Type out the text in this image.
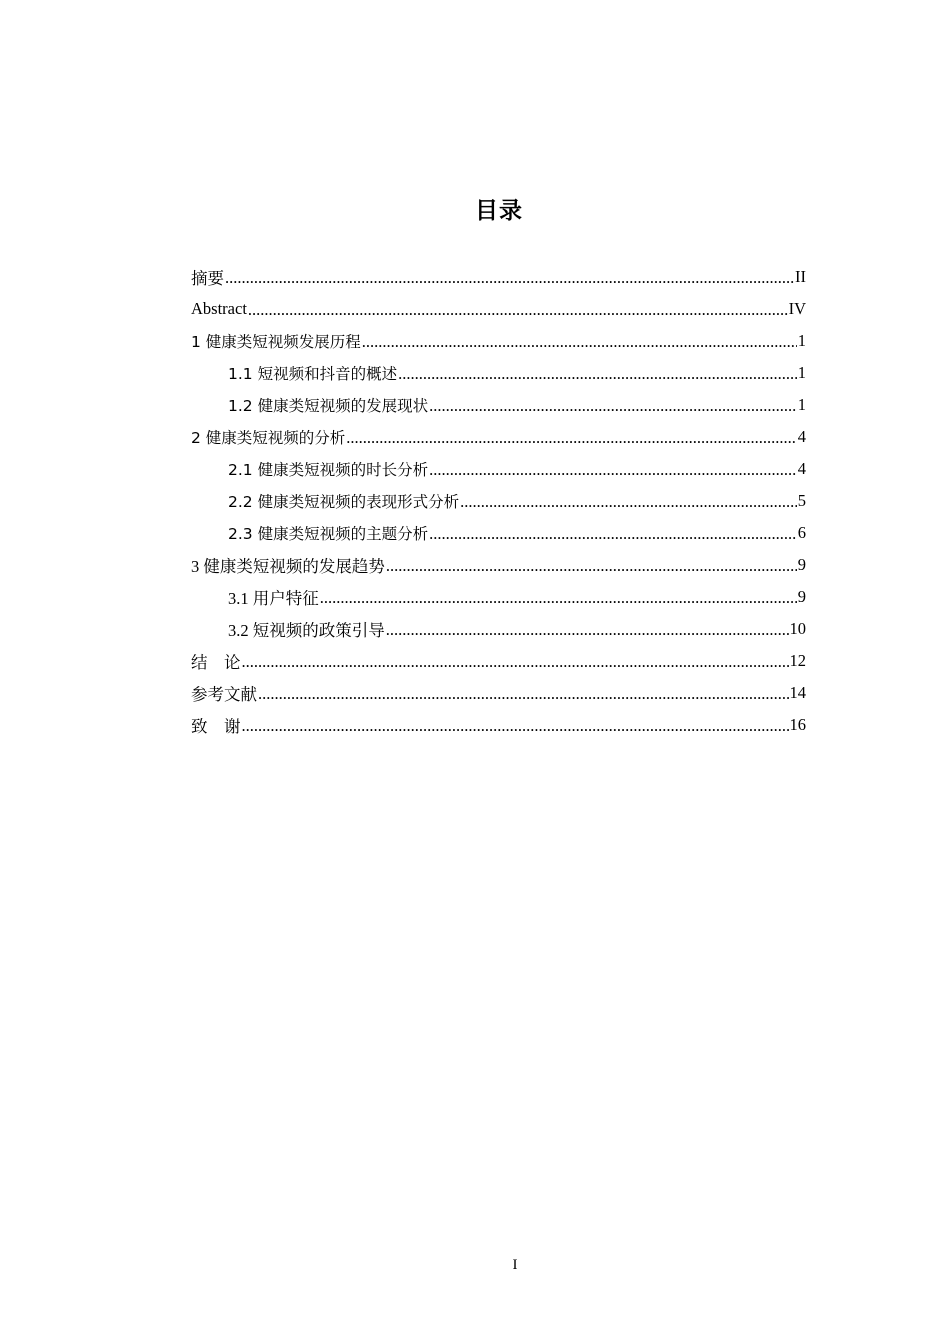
目录
摘要 .....	II
Abstract .....	IV
1 健康类短视频发展历程 .....	1
1.1 短视频和抖音的概述 .....	1
1.2 健康类短视频的发展现状 .....	1
2 健康类短视频的分析 .....	4
2.1 健康类短视频的时长分析 .....	4
2.2 健康类短视频的表现形式分析 .....	5
2.3 健康类短视频的主题分析 .....	6
3 健康类短视频的发展趋势 .....	9
3.1 用户特征 .....	9
3.2 短视频的政策引导 .....	10
结　论 .....	12
参考文献 .....	14
致　谢 .....	16
I
